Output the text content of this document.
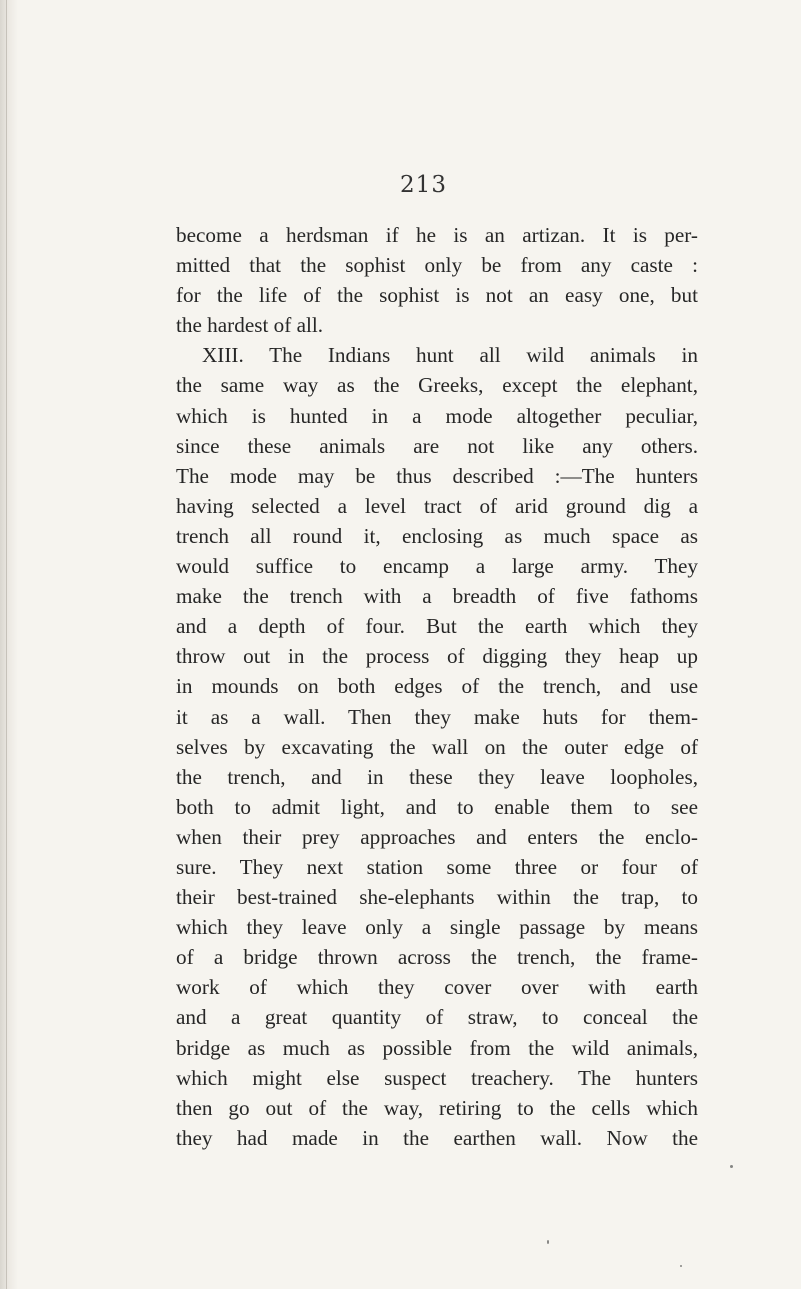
213
become a herdsman if he is an artizan. It is per-
mitted that the sophist only be from any caste :
for the life of the sophist is not an easy one, but
the hardest of all.
XIII. The Indians hunt all wild animals in
the same way as the Greeks, except the elephant,
which is hunted in a mode altogether peculiar,
since these animals are not like any others.
The mode may be thus described :—The hunters
having selected a level tract of arid ground dig a
trench all round it, enclosing as much space as
would suffice to encamp a large army. They
make the trench with a breadth of five fathoms
and a depth of four. But the earth which they
throw out in the process of digging they heap up
in mounds on both edges of the trench, and use
it as a wall. Then they make huts for them-
selves by excavating the wall on the outer edge of
the trench, and in these they leave loopholes,
both to admit light, and to enable them to see
when their prey approaches and enters the enclo-
sure. They next station some three or four of
their best-trained she-elephants within the trap, to
which they leave only a single passage by means
of a bridge thrown across the trench, the frame-
work of which they cover over with earth
and a great quantity of straw, to conceal the
bridge as much as possible from the wild animals,
which might else suspect treachery. The hunters
then go out of the way, retiring to the cells which
they had made in the earthen wall. Now the
